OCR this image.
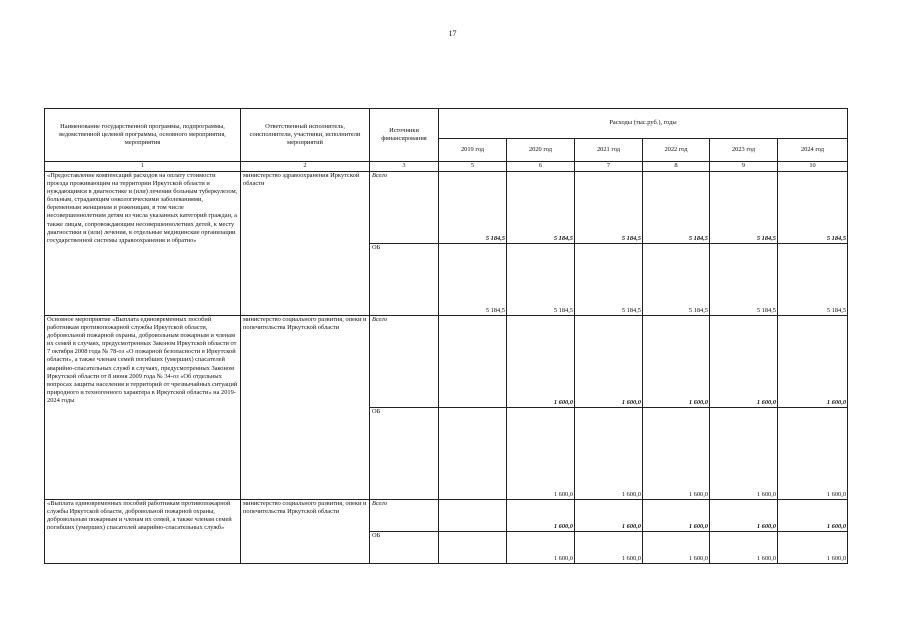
17
Наименование государственной программы, подпрограммы, ведомственной целевой программы, основного мероприятия, мероприятия	Ответственный исполнитель, соисполнители, участники, исполнители мероприятий	Источники финансирования	Расходы (тыс.руб.), годы					
			2019 год	2020 год	2021 год	2022 год	2023 год	2024 год
1	2	3	5	6	7	8	9	10
«Предоставление компенсаций расходов на оплату стоимости проезда проживающим на территории Иркутской области и нуждающимся в диагностике и (или) лечении больным туберкулезом, больным, страдающим онкологическими заболеваниями, беременным женщинам и роженицам, в том числе несовершеннолетним детям из числа указанных категорий граждан, а также лицам, сопровождающим несовершеннолетних детей, к месту диагностики и (или) лечения, в отдельные медицинские организации государственной системы здравоохранения и обратно»	министерство здравоохранения Иркутской области	Всего	5 184,5	5 184,5	5 184,5	5 184,5	5 184,5	5 184,5
		ОБ	5 184,5	5 184,5	5 184,5	5 184,5	5 184,5	5 184,5
Основное мероприятие «Выплата единовременных пособий работникам противопожарной службы Иркутской области, добровольной пожарной охраны, добровольным пожарным и членам их семей в случаях, предусмотренных Законом Иркутской области от 7 октября 2008 года № 78-оз «О пожарной безопасности в Иркутской области», а также членам семей погибших (умерших) спасателей аварийно-спасательных служб в случаях, предусмотренных Законом Иркутской области от 8 июня 2009 года № 34-оз «Об отдельных вопросах защиты населения и территорий от чрезвычайных ситуаций природного и техногенного характера в Иркутской области» на 2019-2024 годы	министерство социального развития, опеки и попечительства Иркутской области	Всего		1 600,0	1 600,0	1 600,0	1 600,0	1 600,0
		ОБ		1 600,0	1 600,0	1 600,0	1 600,0	1 600,0
«Выплата единовременных пособий работникам противопожарной службы Иркутской области, добровольной пожарной охраны, добровольным пожарным и членам их семей, а также членам семей погибших (умерших) спасателей аварийно-спасательных служб»	министерство социального развития, опеки и попечительства Иркутской области	Всего		1 600,0	1 600,0	1 600,0	1 600,0	1 600,0
		ОБ		1 600,0	1 600,0	1 600,0	1 600,0	1 600,0
